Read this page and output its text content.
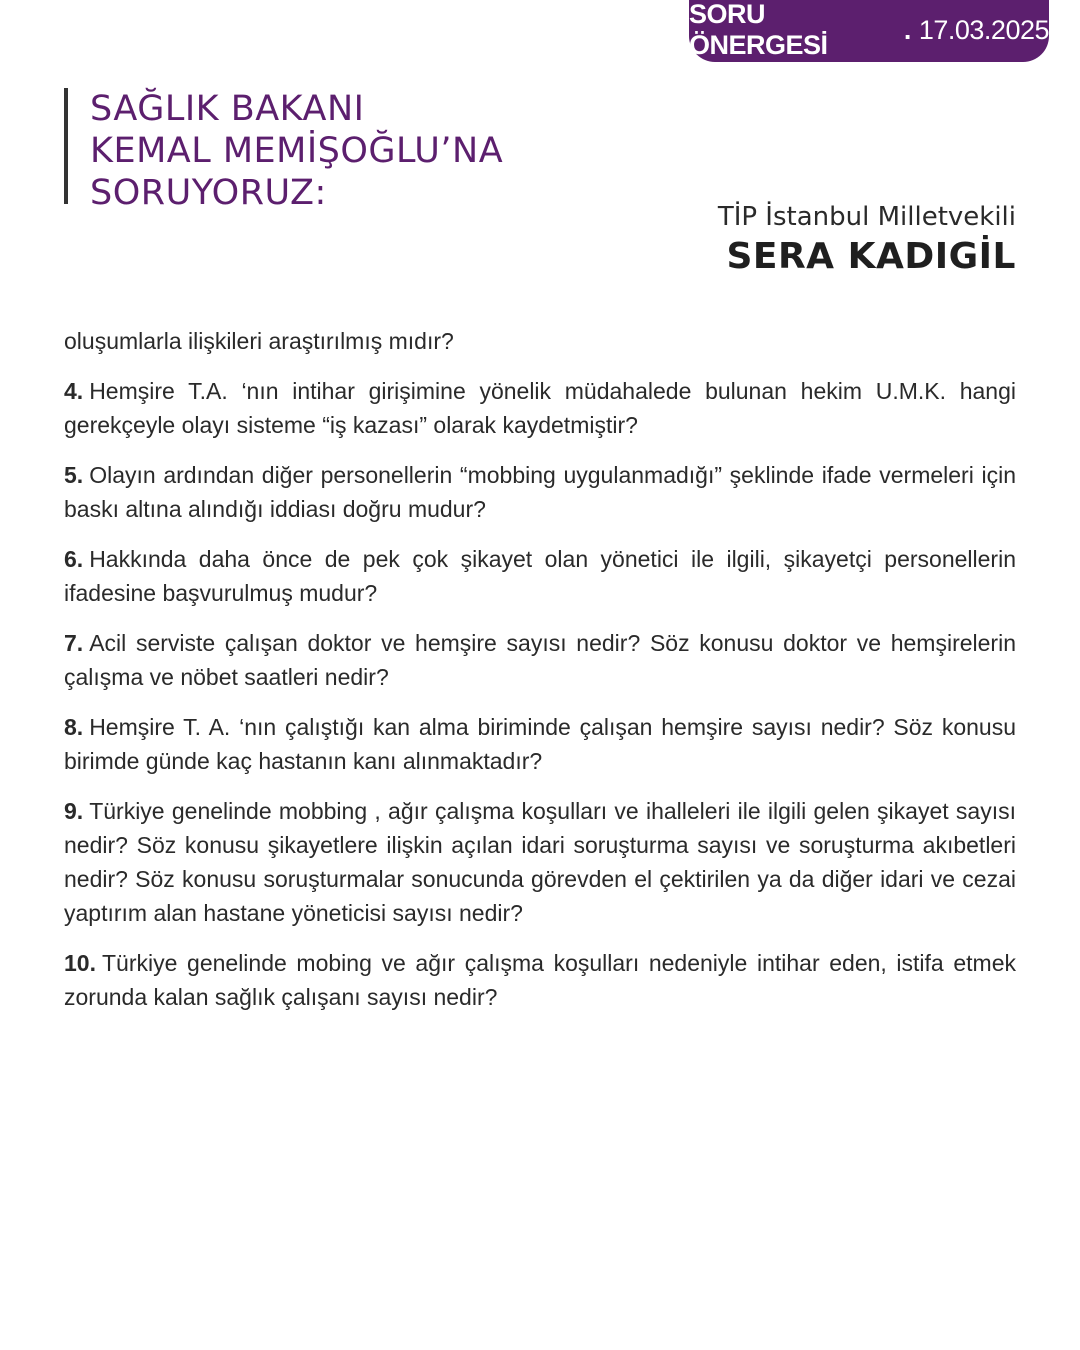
SORU ÖNERGESİ
. 17.03.2025
SAĞLIK BAKANI
KEMAL MEMİŞOĞLU’NA
SORUYORUZ:
TİP İstanbul Milletvekili
SERA KADIGİL

oluşumlarla ilişkileri araştırılmış mıdır?

4. Hemşire T.A. ‘nın intihar girişimine yönelik müdahalede bulunan hekim U.M.K. hangi gerekçeyle olayı sisteme “iş kazası” olarak kaydetmiştir?

5. Olayın ardından diğer personellerin “mobbing uygulanmadığı” şeklinde ifade vermeleri için baskı altına alındığı iddiası doğru mudur?

6. Hakkında daha önce de pek çok şikayet olan yönetici ile ilgili, şikayetçi personellerin ifadesine başvurulmuş mudur?

7. Acil serviste çalışan doktor ve hemşire sayısı nedir? Söz konusu doktor ve hemşirelerin çalışma ve nöbet saatleri nedir?

8. Hemşire T. A. ‘nın çalıştığı kan alma biriminde çalışan hemşire sayısı nedir? Söz konusu birimde günde kaç hastanın kanı alınmaktadır?

9. Türkiye genelinde mobbing , ağır çalışma koşulları ve ihalleleri ile ilgili gelen şikayet sayısı nedir? Söz konusu şikayetlere ilişkin açılan idari soruşturma sayısı ve soruşturma akıbetleri nedir? Söz konusu soruşturmalar sonucunda görevden el çektirilen ya da diğer idari ve cezai yaptırım alan hastane yöneticisi sayısı nedir?

10. Türkiye genelinde mobing ve ağır çalışma koşulları nedeniyle intihar eden, istifa etmek zorunda kalan sağlık çalışanı sayısı nedir?
